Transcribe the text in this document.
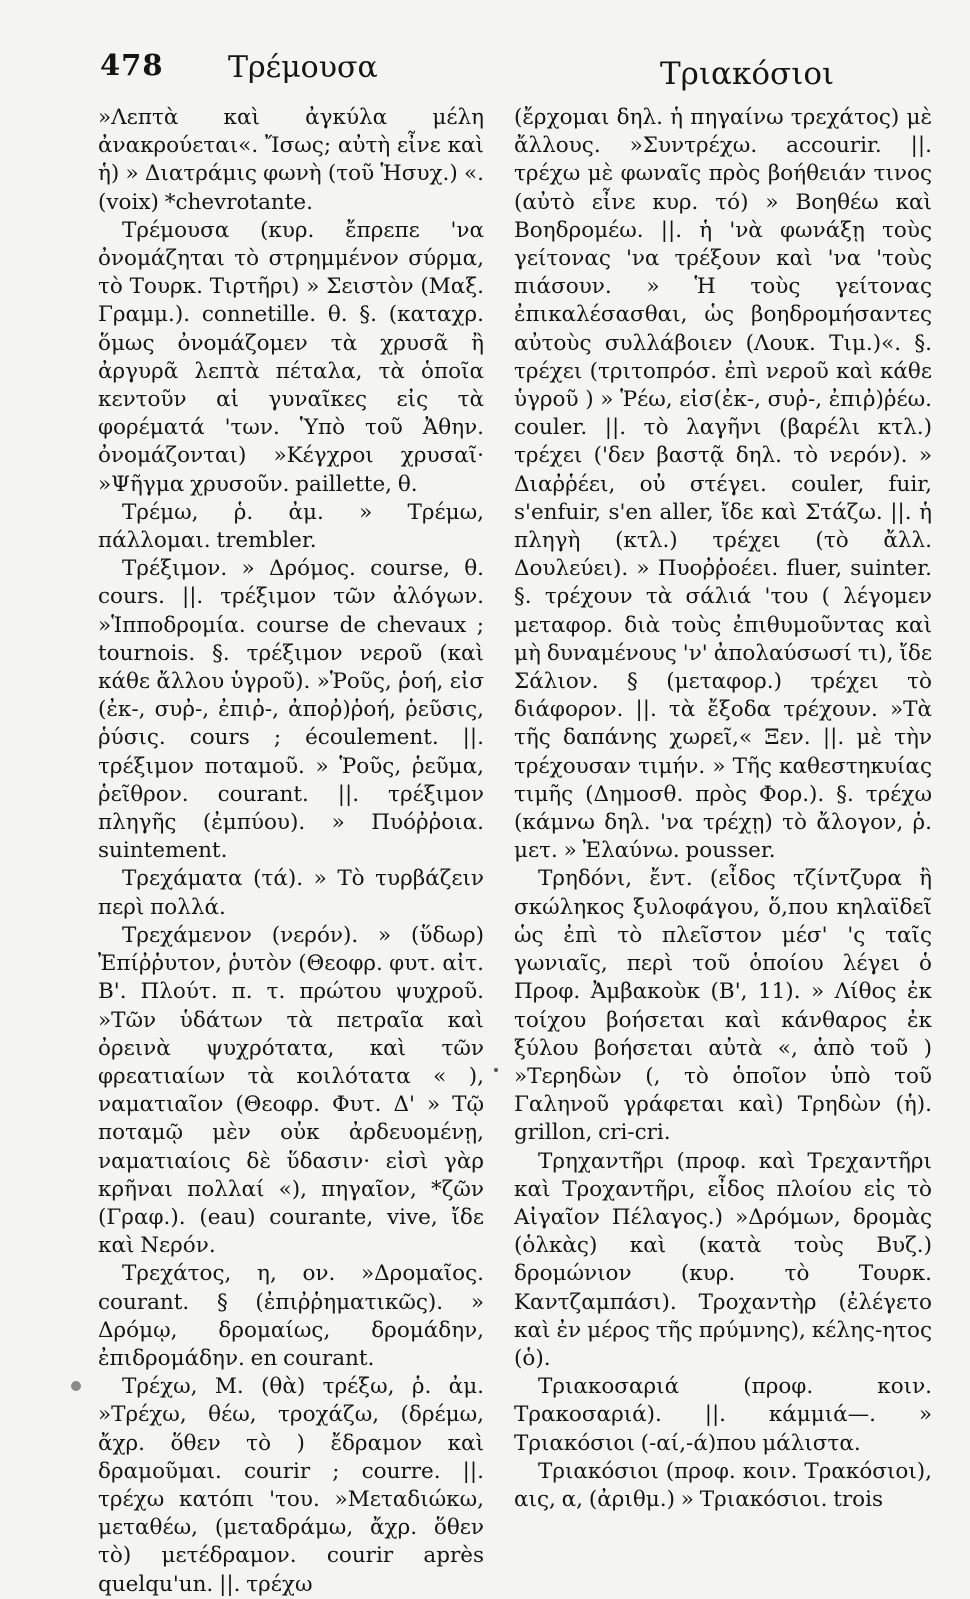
478 Τρέμουσα	Τριακόσιοι

»Λεπτὰ καὶ ἀγκύλα μέλη ἀνακρούεται«. Ἴσως; αὐτὴ εἶνε καὶ ἡ) » Διατράμις φωνὴ (τοῦ Ἡσυχ.) «. (voix) *chevrotante.

Τρέμουσα (κυρ. ἔπρεπε 'να ὀνομάζηται τὸ στρημμένον σύρμα, τὸ Τουρκ. Τιρτῆρι) » Σειστὸν (Μαξ. Γραμμ.). connetille. θ. §. (καταχρ. ὅμως ὀνομάζομεν τὰ χρυσᾶ ἢ ἀργυρᾶ λεπτὰ πέταλα, τὰ ὁποῖα κεντοῦν αἱ γυναῖκες εἰς τὰ φορέματά 'των. Ὑπὸ τοῦ Ἀθην. ὀνομάζονται) »Κέγχροι χρυσαῖ· »Ψῆγμα χρυσοῦν. paillette, θ.

Τρέμω, ῥ. ἀμ. » Τρέμω, πάλλομαι. trembler.

Τρέξιμον. » Δρόμος. course, θ. cours. ||. τρέξιμον τῶν ἀλόγων. »Ἱπποδρομία. course de chevaux ; tournois. §. τρέξιμον νεροῦ (καὶ κάθε ἄλλου ὑγροῦ). »Ῥοῦς, ῥοή, εἰσ (ἐκ-, συῤ-, ἐπιῤ-, ἀποῤ)ῥοή, ῥεῦσις, ῥύσις. cours ; écoulement. ||. τρέξιμον ποταμοῦ. » Ῥοῦς, ῥεῦμα, ῥεῖθρον. courant. ||. τρέξιμον πληγῆς (ἐμπύου). » Πυόῤῥοια. suintement.

Τρεχάματα (τά). » Τὸ τυρβάζειν περὶ πολλά.

Τρεχάμενον (νερόν). » (ὕδωρ) Ἐπίῤῥυτον, ῥυτὸν (Θεοφρ. φυτ. αἰτ. Β'. Πλούτ. π. τ. πρώτου ψυχροῦ. »Τῶν ὑδάτων τὰ πετραῖα καὶ ὀρεινὰ ψυχρότατα, καὶ τῶν φρεατιαίων τὰ κοιλότατα « ), ναματιαῖον (Θεοφρ. Φυτ. Δ' » Τῷ ποταμῷ μὲν οὐκ ἀρδευομένῃ, ναματιαίοις δὲ ὕδασιν· εἰσὶ γὰρ κρῆναι πολλαί «), πηγαῖον, *ζῶν (Γραφ.). (eau) courante, vive, ἴδε καὶ Νερόν.

Τρεχάτος, η, ον. »Δρομαῖος. courant. § (ἐπιῤῥηματικῶς). » Δρόμῳ, δρομαίως, δρομάδην, ἐπιδρομάδην. en courant.

Τρέχω, Μ. (θὰ) τρέξω, ῥ. ἀμ. »Τρέχω, θέω, τροχάζω, (δρέμω, ἄχρ. ὅθεν τὸ ) ἔδραμον καὶ δραμοῦμαι. courir ; courre. ||. τρέχω κατόπι 'του. »Μεταδιώκω, μεταθέω, (μεταδράμω, ἄχρ. ὅθεν τὸ) μετέδραμον. courir après quelqu'un. ||. τρέχω

(ἔρχομαι δηλ. ἡ πηγαίνω τρεχάτος) μὲ ἄλλους. »Συντρέχω. accourir. ||. τρέχω μὲ φωναῖς πρὸς βοήθειάν τινος (αὐτὸ εἶνε κυρ. τό) » Βοηθέω καὶ Βοηδρομέω. ||. ἡ 'νὰ φωνάξῃ τοὺς γείτονας 'να τρέξουν καὶ 'να 'τοὺς πιάσουν. » Ἡ τοὺς γείτονας ἐπικαλέσασθαι, ὡς βοηδρομήσαντες αὐτοὺς συλλάβοιεν (Λουκ. Τιμ.)«. §. τρέχει (τριτοπρόσ. ἐπὶ νεροῦ καὶ κάθε ὑγροῦ ) » Ῥέω, εἰσ(ἐκ-, συῤ-, ἐπιῤ)ῥέω. couler. ||. τὸ λαγῆνι (βαρέλι κτλ.) τρέχει ('δεν βαστᾷ δηλ. τὸ νερόν). » Διαῤῥέει, οὐ στέγει. couler, fuir, s'enfuir, s'en aller, ἴδε καὶ Στάζω. ||. ἡ πληγὴ (κτλ.) τρέχει (τὸ ἄλλ. Δουλεύει). » Πυοῤῥοέει. fluer, suinter. §. τρέχουν τὰ σάλιά 'του ( λέγομεν μεταφορ. διὰ τοὺς ἐπιθυμοῦντας καὶ μὴ δυναμένους 'ν' ἀπολαύσωσί τι), ἴδε Σάλιον. § (μεταφορ.) τρέχει τὸ διάφορον. ||. τὰ ἔξοδα τρέχουν. »Τὰ τῆς δαπάνης χωρεῖ,« Ξεν. ||. μὲ τὴν τρέχουσαν τιμήν. » Τῆς καθεστηκυίας τιμῆς (Δημοσθ. πρὸς Φορ.). §. τρέχω (κάμνω δηλ. 'να τρέχῃ) τὸ ἄλογον, ῥ. μετ. » Ἐλαύνω. pousser.

Τρηδόνι, ἔντ. (εἶδος τζίντζυρα ἢ σκώληκος ξυλοφάγου, ὅ,που κηλαϊδεῖ ὡς ἐπὶ τὸ πλεῖστον μέσ' 'ς ταῖς γωνιαῖς, περὶ τοῦ ὁποίου λέγει ὁ Προφ. Ἀμβακοὺκ (Β', 11). » Λίθος ἐκ τοίχου βοήσεται καὶ κάνθαρος ἐκ ξύλου βοήσεται αὐτὰ «, ἀπὸ τοῦ ) »Τερηδὼν (, τὸ ὁποῖον ὑπὸ τοῦ Γαληνοῦ γράφεται καὶ) Τρηδὼν (ἡ). grillon, cri-cri.

Τρηχαντῆρι (προφ. καὶ Τρεχαντῆρι καὶ Τροχαντῆρι, εἶδος πλοίου εἰς τὸ Αἰγαῖον Πέλαγος.) »Δρόμων, δρομὰς (ὁλκὰς) καὶ (κατὰ τοὺς Βυζ.) δρομώνιον (κυρ. τὸ Τουρκ. Καντζαμπάσι). Τροχαντὴρ (ἐλέγετο καὶ ἐν μέρος τῆς πρύμνης), κέλης-ητος (ὁ).

Τριακοσαριά (προφ. κοιν. Τρακοσαριά). ||. κάμμιά—. » Τριακόσιοι (-αί,-ά)που μάλιστα.

Τριακόσιοι (προφ. κοιν. Τρακόσιοι), αις, α, (ἀριθμ.) » Τριακόσιοι. trois
